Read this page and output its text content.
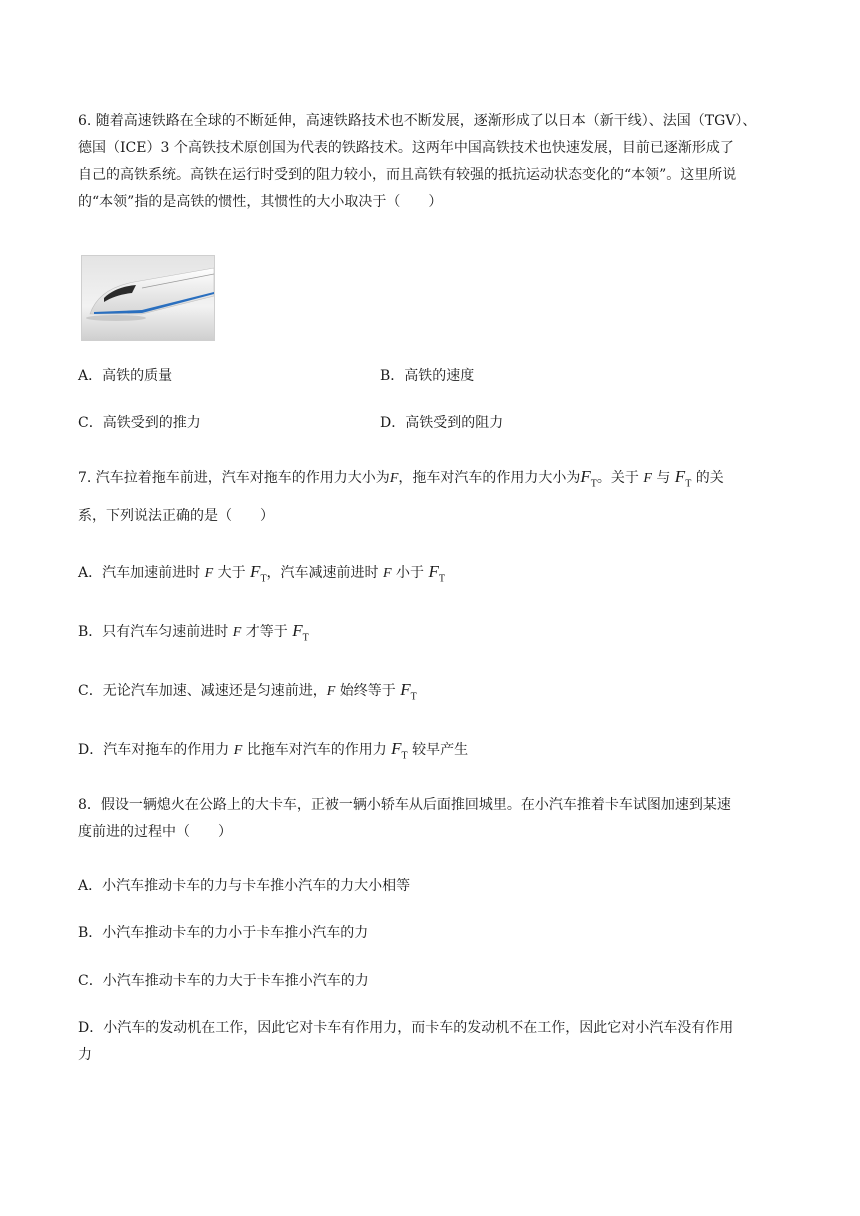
6. 随着高速铁路在全球的不断延伸，高速铁路技术也不断发展，逐渐形成了以日本（新干线）、法国（TGV）、
德国（ICE）3 个高铁技术原创国为代表的铁路技术。这两年中国高铁技术也快速发展，目前已逐渐形成了
自己的高铁系统。高铁在运行时受到的阻力较小，而且高铁有较强的抵抗运动状态变化的“本领”。这里所说
的“本领”指的是高铁的惯性，其惯性的大小取决于（　　）
A．高铁的质量	B．高铁的速度
C．高铁受到的推力	D．高铁受到的阻力
7. 汽车拉着拖车前进，汽车对拖车的作用力大小为F，拖车对汽车的作用力大小为$F_T$。关于 F 与 $F_T$ 的关
系，下列说法正确的是（　　）
A．汽车加速前进时 F 大于 $F_T$，汽车减速前进时 F 小于 $F_T$
B．只有汽车匀速前进时 F 才等于 $F_T$
C．无论汽车加速、减速还是匀速前进，F 始终等于 $F_T$
D．汽车对拖车的作用力 F 比拖车对汽车的作用力 $F_T$ 较早产生
8．假设一辆熄火在公路上的大卡车，正被一辆小轿车从后面推回城里。在小汽车推着卡车试图加速到某速
度前进的过程中（　　）
A．小汽车推动卡车的力与卡车推小汽车的力大小相等
B．小汽车推动卡车的力小于卡车推小汽车的力
C．小汽车推动卡车的力大于卡车推小汽车的力
D．小汽车的发动机在工作，因此它对卡车有作用力，而卡车的发动机不在工作，因此它对小汽车没有作用
力
